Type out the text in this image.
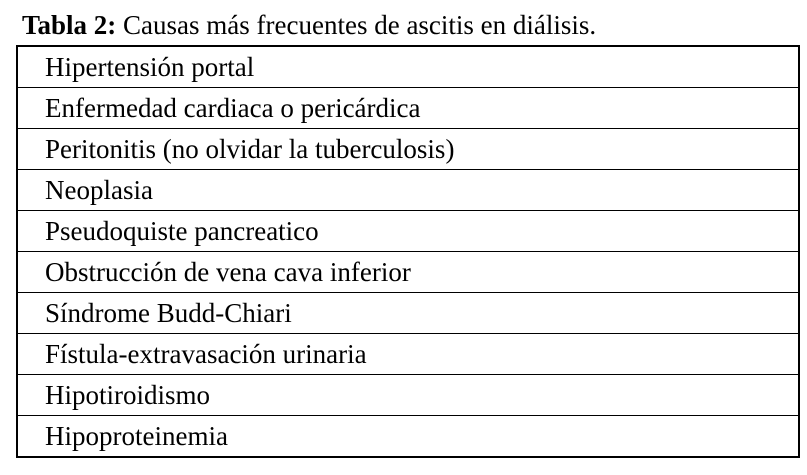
Tabla 2: Causas más frecuentes de ascitis en diálisis.
Hipertensión portal
Enfermedad cardiaca o pericárdica
Peritonitis (no olvidar la tuberculosis)
Neoplasia
Pseudoquiste pancreatico
Obstrucción de vena cava inferior
Síndrome Budd-Chiari
Fístula-extravasación urinaria
Hipotiroidismo
Hipoproteinemia
